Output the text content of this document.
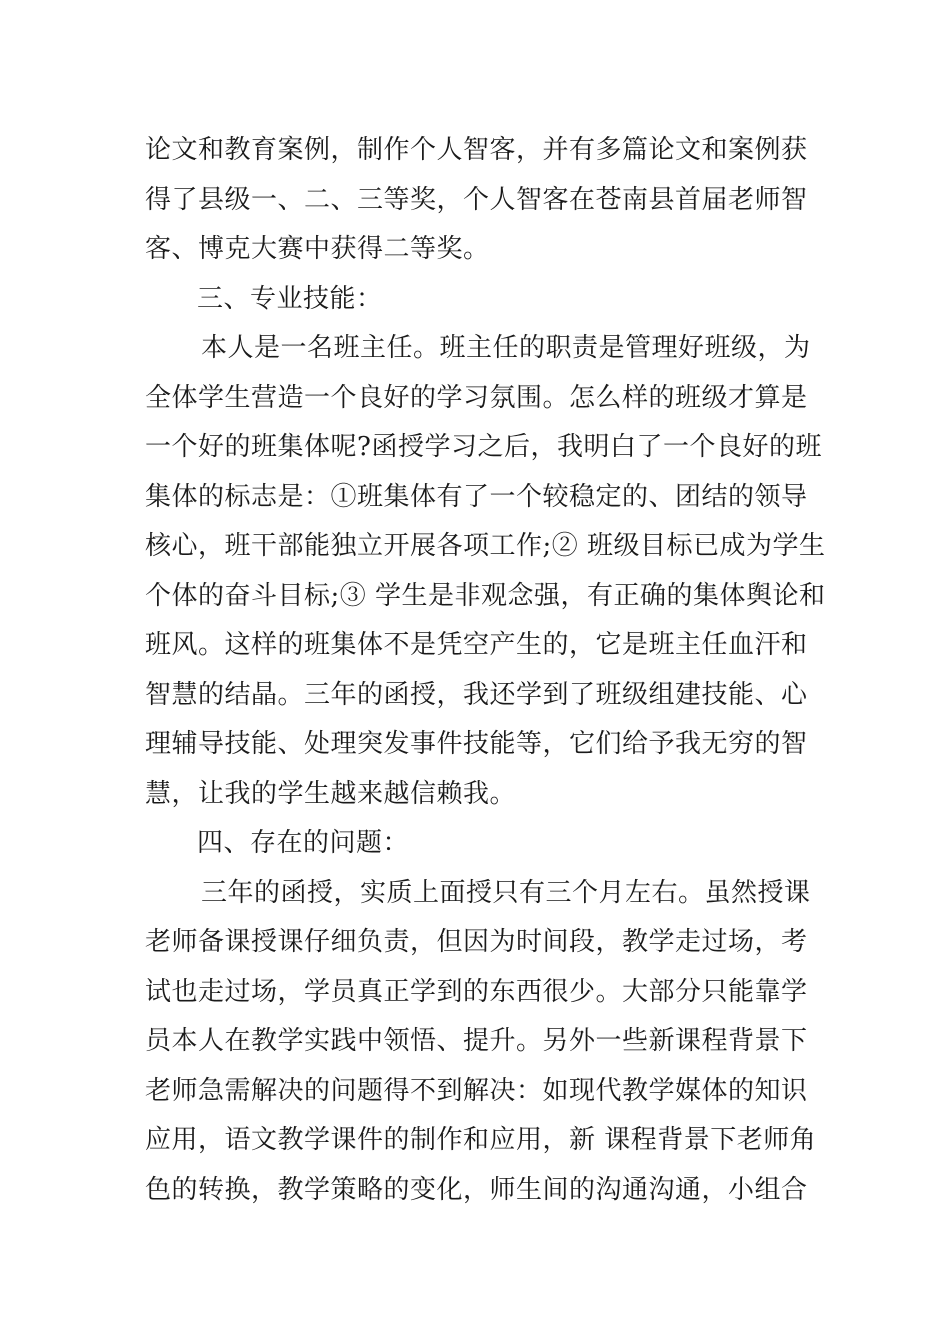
论文和教育案例，制作个人智客，并有多篇论文和案例获
得了县级一、二、三等奖，个人智客在苍南县首届老师智
客、博克大赛中获得二等奖。
三、专业技能：
本人是一名班主任。班主任的职责是管理好班级，为
全体学生营造一个良好的学习氛围。怎么样的班级才算是
一个好的班集体呢?函授学习之后，我明白了一个良好的班
集体的标志是：①班集体有了一个较稳定的、团结的领导
核心，班干部能独立开展各项工作;② 班级目标已成为学生
个体的奋斗目标;③ 学生是非观念强，有正确的集体舆论和
班风。这样的班集体不是凭空产生的，它是班主任血汗和
智慧的结晶。三年的函授，我还学到了班级组建技能、心
理辅导技能、处理突发事件技能等，它们给予我无穷的智
慧，让我的学生越来越信赖我。
四、存在的问题：
三年的函授，实质上面授只有三个月左右。虽然授课
老师备课授课仔细负责，但因为时间段，教学走过场，考
试也走过场，学员真正学到的东西很少。大部分只能靠学
员本人在教学实践中领悟、提升。另外一些新课程背景下
老师急需解决的问题得不到解决：如现代教学媒体的知识
应用，语文教学课件的制作和应用，新 课程背景下老师角
色的转换，教学策略的变化，师生间的沟通沟通，小组合
